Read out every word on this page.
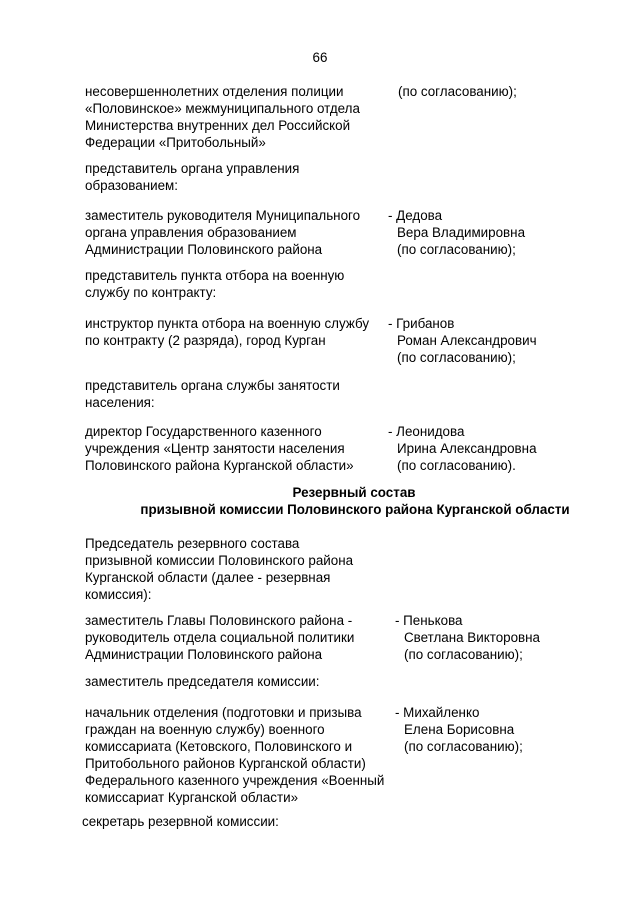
66
несовершеннолетних отделения полиции
«Половинское» межмуниципального отдела
Министерства внутренних дел Российской
Федерации «Притобольный»
(по согласованию);
представитель органа управления
образованием:
заместитель руководителя Муниципального
органа управления образованием
Администрации Половинского района
- Дедова
Вера Владимировна
(по согласованию);
представитель пункта отбора на военную
службу по контракту:
инструктор пункта отбора на военную службу
по контракту (2 разряда), город Курган
- Грибанов
Роман Александрович
(по согласованию);
представитель органа службы занятости
населения:
директор Государственного казенного
учреждения «Центр занятости населения
Половинского района Курганской области»
- Леонидова
Ирина Александровна
(по согласованию).
Резервный состав
призывной комиссии Половинского района Курганской области
Председатель резервного состава
призывной комиссии Половинского района
Курганской области (далее - резервная
комиссия):
заместитель Главы Половинского района -
руководитель отдела социальной политики
Администрации Половинского района
- Пенькова
Светлана Викторовна
(по согласованию);
заместитель председателя комиссии:
начальник отделения (подготовки и призыва
граждан на военную службу) военного
комиссариата (Кетовского, Половинского и
Притобольного районов Курганской области)
Федерального казенного учреждения «Военный
комиссариат Курганской области»
- Михайленко
Елена Борисовна
(по согласованию);
секретарь резервной комиссии:
